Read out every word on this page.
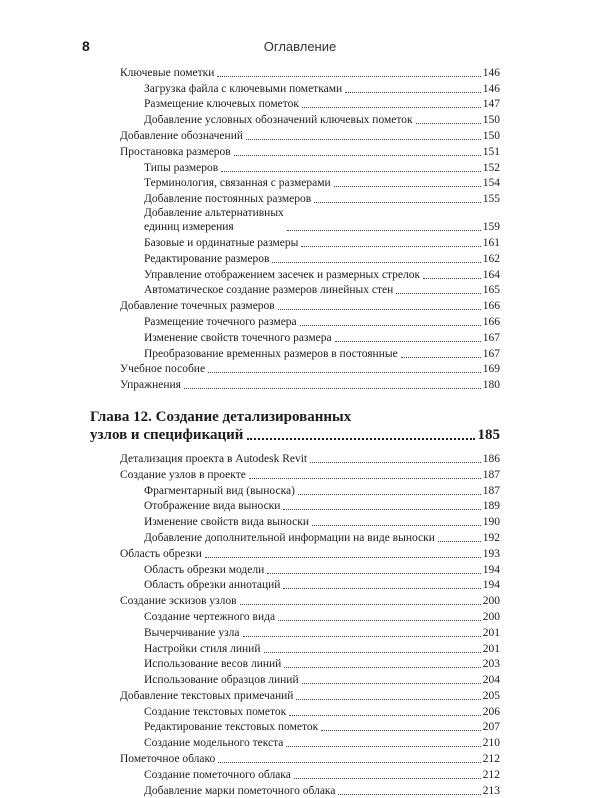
8	Оглавление
Ключевые пометки	146
Загрузка файла с ключевыми пометками	146
Размещение ключевых пометок	147
Добавление условных обозначений ключевых пометок	150
Добавление обозначений	150
Простановка размеров	151
Типы размеров	152
Терминология, связанная с размерами	154
Добавление постоянных размеров	155
Добавление альтернативных
единиц измерения	159
Базовые и ординатные размеры	161
Редактирование размеров	162
Управление отображением засечек и размерных стрелок	164
Автоматическое создание размеров линейных стен	165
Добавление точечных размеров	166
Размещение точечного размера	166
Изменение свойств точечного размера	167
Преобразование временных размеров в постоянные	167
Учебное пособие	169
Упражнения	180
Глава 12. Создание детализированных
узлов и спецификаций	185
Детализация проекта в Autodesk Revit	186
Создание узлов в проекте	187
Фрагментарный вид (выноска)	187
Отображение вида выноски	189
Изменение свойств вида выноски	190
Добавление дополнительной информации на виде выноски	192
Область обрезки	193
Область обрезки модели	194
Область обрезки аннотаций	194
Создание эскизов узлов	200
Создание чертежного вида	200
Вычерчивание узла	201
Настройки стиля линий	201
Использование весов линий	203
Использование образцов линий	204
Добавление текстовых примечаний	205
Создание текстовых пометок	206
Редактирование текстовых пометок	207
Создание модельного текста	210
Пометочное облако	212
Создание пометочного облака	212
Добавление марки пометочного облака	213
